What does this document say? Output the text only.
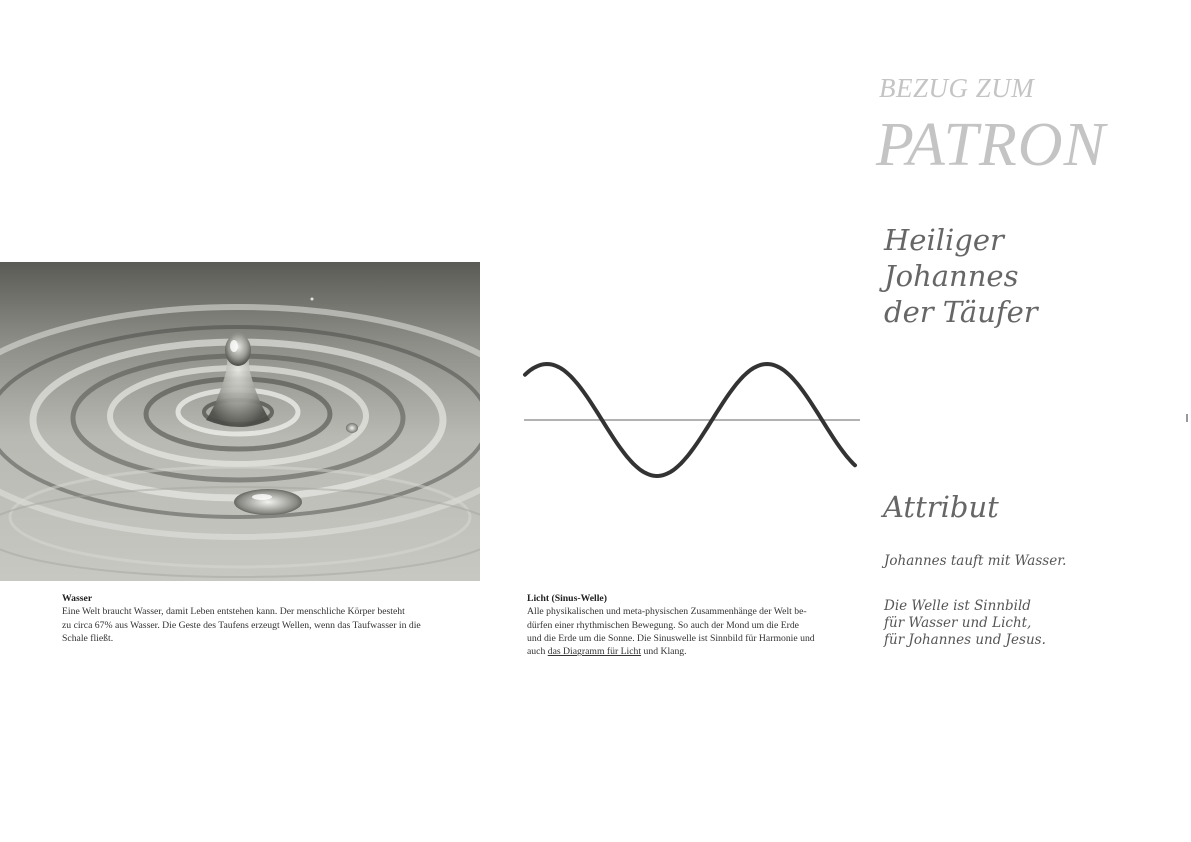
Wasser
Eine Welt braucht Wasser, damit Leben entstehen kann. Der menschliche Körper besteht
zu circa 67% aus Wasser. Die Geste des Taufens erzeugt Wellen, wenn das Taufwasser in die
Schale fließt.
Licht (Sinus-Welle)
Alle physikalischen und meta-physischen Zusammenhänge der Welt be-
dürfen einer rhythmischen Bewegung. So auch der Mond um die Erde
und die Erde um die Sonne. Die Sinuswelle ist Sinnbild für Harmonie und
auch das Diagramm für Licht und Klang.
BEZUG ZUM
PATRON
Heiliger
Johannes
der Täufer
Attribut
Johannes tauft mit Wasser.
Die Welle ist Sinnbild
für Wasser und Licht,
für Johannes und Jesus.
